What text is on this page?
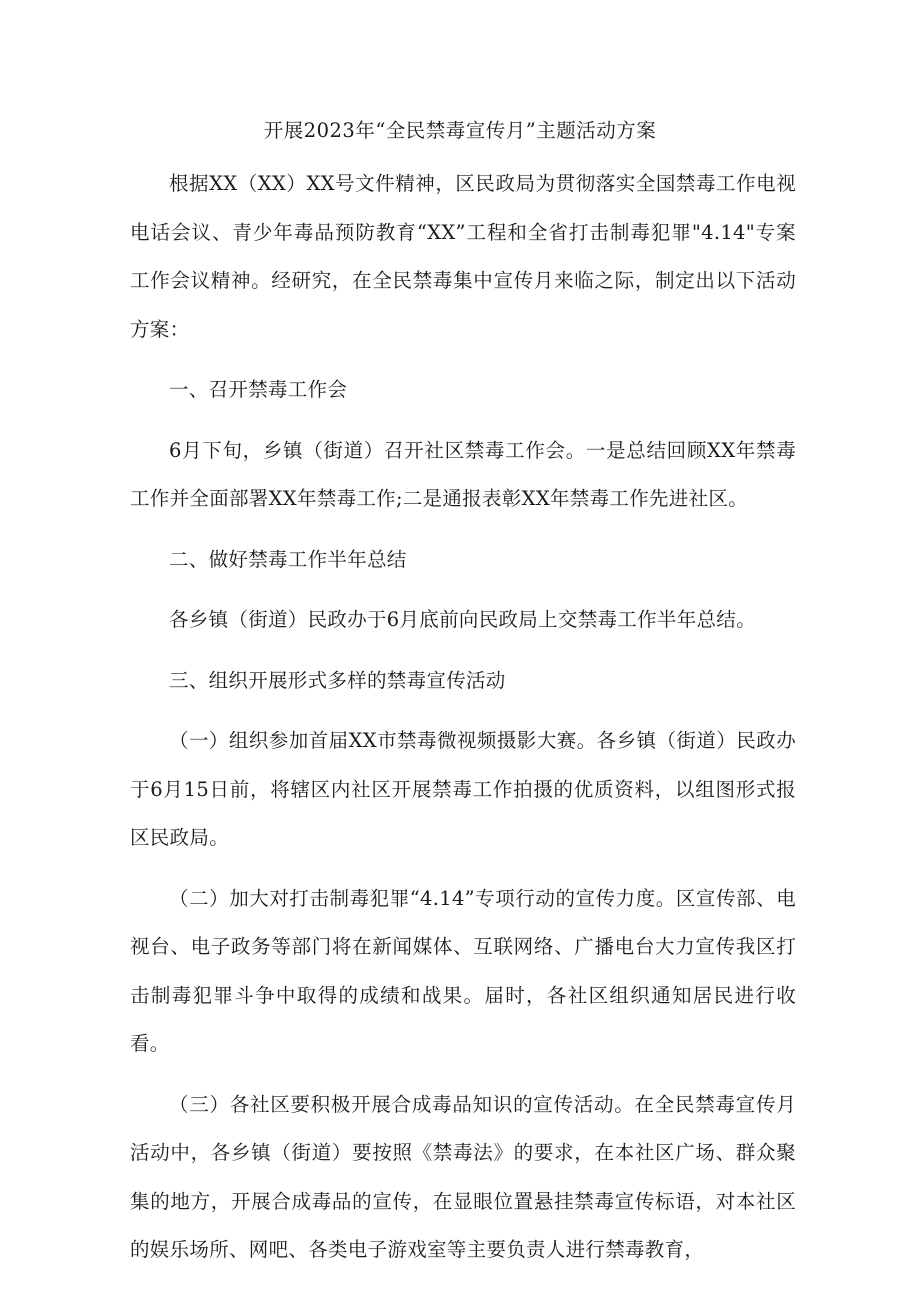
开展2023年“全民禁毒宣传月”主题活动方案

根据XX（XX）XX号文件精神，区民政局为贯彻落实全国禁毒工作电视电话会议、青少年毒品预防教育“XX”工程和全省打击制毒犯罪"4.14"专案工作会议精神。经研究，在全民禁毒集中宣传月来临之际，制定出以下活动方案：

一、召开禁毒工作会

6月下旬，乡镇（街道）召开社区禁毒工作会。一是总结回顾XX年禁毒工作并全面部署XX年禁毒工作;二是通报表彰XX年禁毒工作先进社区。

二、做好禁毒工作半年总结

各乡镇（街道）民政办于6月底前向民政局上交禁毒工作半年总结。

三、组织开展形式多样的禁毒宣传活动

（一）组织参加首届XX市禁毒微视频摄影大赛。各乡镇（街道）民政办于6月15日前，将辖区内社区开展禁毒工作拍摄的优质资料，以组图形式报区民政局。

（二）加大对打击制毒犯罪“4.14”专项行动的宣传力度。区宣传部、电视台、电子政务等部门将在新闻媒体、互联网络、广播电台大力宣传我区打击制毒犯罪斗争中取得的成绩和战果。届时，各社区组织通知居民进行收看。

（三）各社区要积极开展合成毒品知识的宣传活动。在全民禁毒宣传月活动中，各乡镇（街道）要按照《禁毒法》的要求，在本社区广场、群众聚集的地方，开展合成毒品的宣传，在显眼位置悬挂禁毒宣传标语，对本社区的娱乐场所、网吧、各类电子游戏室等主要负责人进行禁毒教育，
